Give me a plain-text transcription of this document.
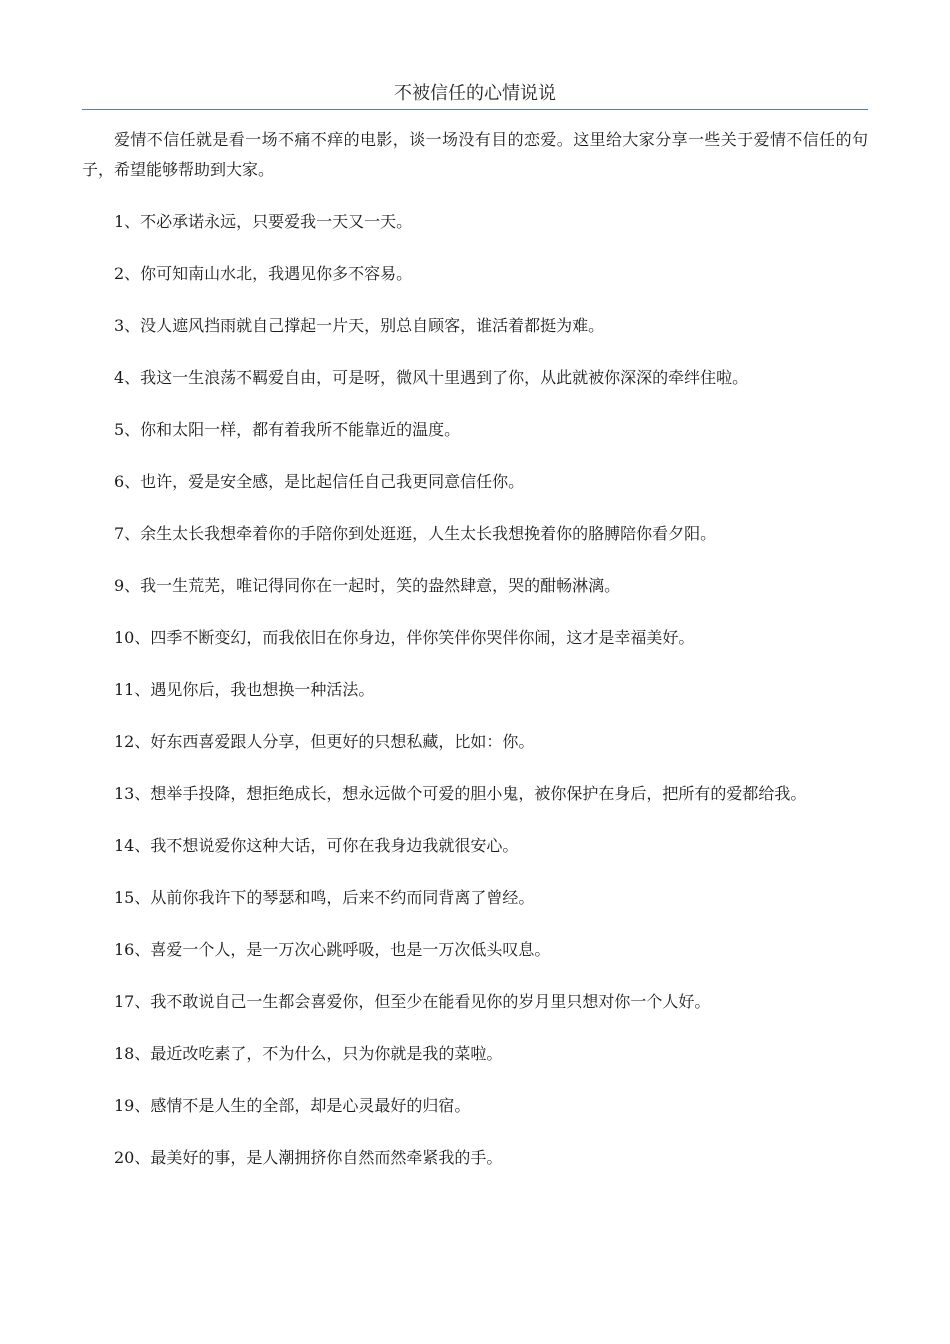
不被信任的心情说说

爱情不信任就是看一场不痛不痒的电影，谈一场没有目的恋爱。这里给大家分享一些关于爱情不信任的句子，希望能够帮助到大家。

1、不必承诺永远，只要爱我一天又一天。

2、你可知南山水北，我遇见你多不容易。

3、没人遮风挡雨就自己撑起一片天，别总自顾客，谁活着都挺为难。

4、我这一生浪荡不羁爱自由，可是呀，微风十里遇到了你，从此就被你深深的牵绊住啦。

5、你和太阳一样，都有着我所不能靠近的温度。

6、也许，爱是安全感，是比起信任自己我更同意信任你。

7、余生太长我想牵着你的手陪你到处逛逛，人生太长我想挽着你的胳膊陪你看夕阳。

9、我一生荒芜，唯记得同你在一起时，笑的盎然肆意，哭的酣畅淋漓。

10、四季不断变幻，而我依旧在你身边，伴你笑伴你哭伴你闹，这才是幸福美好。

11、遇见你后，我也想换一种活法。

12、好东西喜爱跟人分享，但更好的只想私藏，比如：你。

13、想举手投降，想拒绝成长，想永远做个可爱的胆小鬼，被你保护在身后，把所有的爱都给我。

14、我不想说爱你这种大话，可你在我身边我就很安心。

15、从前你我许下的琴瑟和鸣，后来不约而同背离了曾经。

16、喜爱一个人，是一万次心跳呼吸，也是一万次低头叹息。

17、我不敢说自己一生都会喜爱你，但至少在能看见你的岁月里只想对你一个人好。

18、最近改吃素了，不为什么，只为你就是我的菜啦。

19、感情不是人生的全部，却是心灵最好的归宿。

20、最美好的事，是人潮拥挤你自然而然牵紧我的手。
